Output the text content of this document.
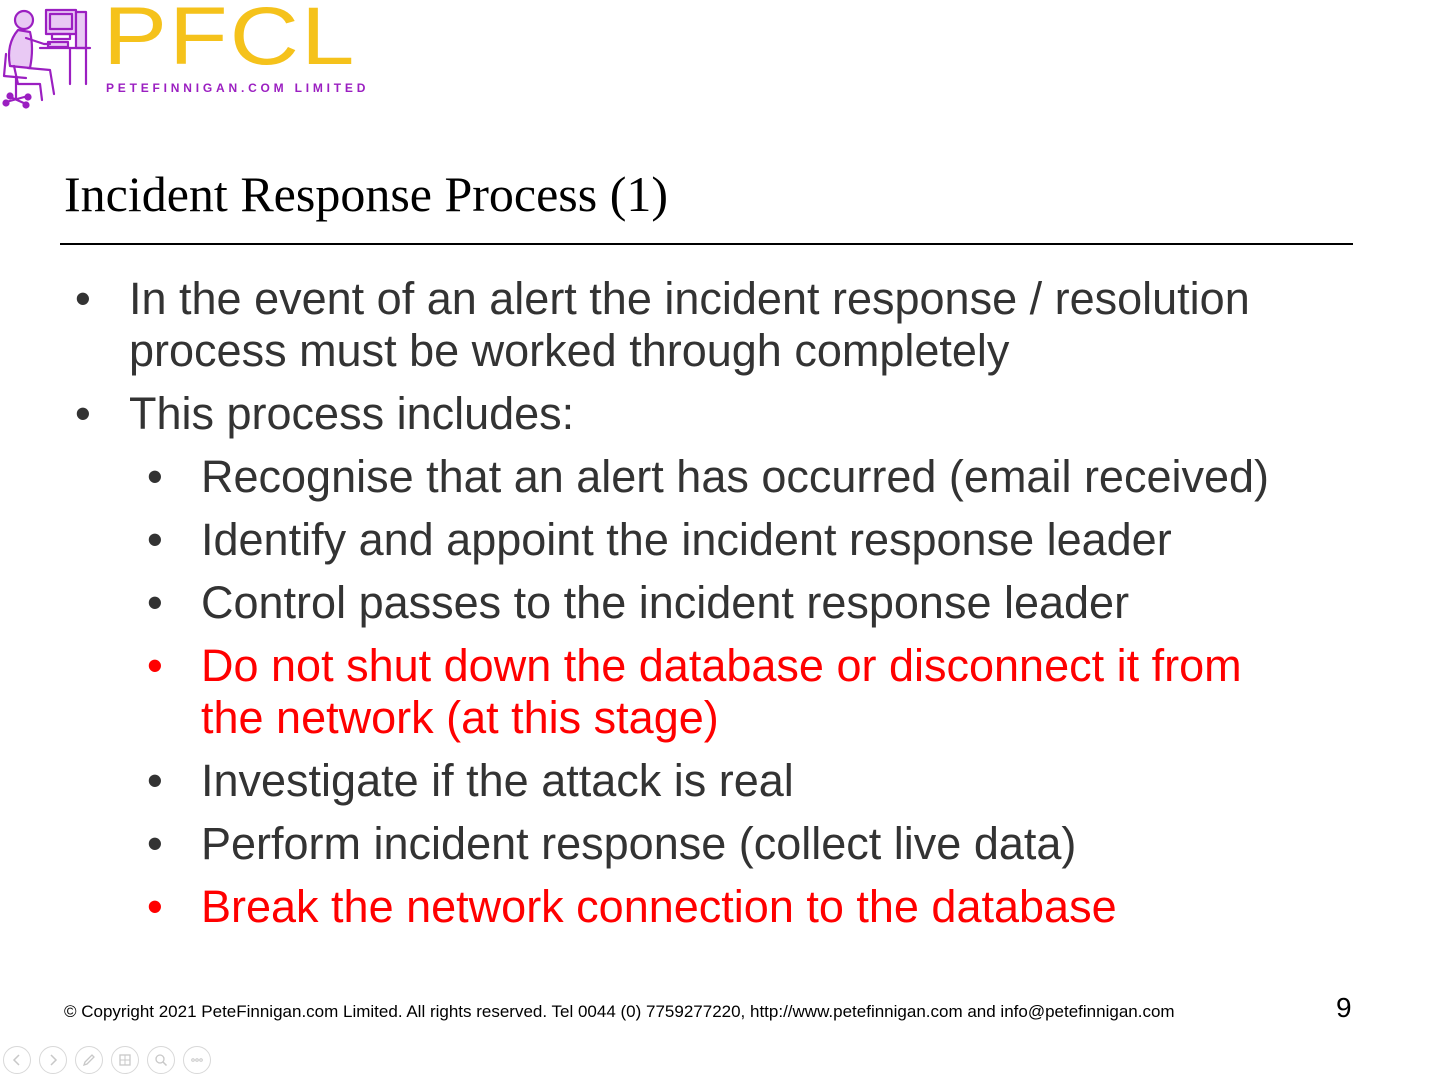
PFCL
PETEFINNIGAN.COM LIMITED
Incident Response Process (1)
• In the event of an alert the incident response / resolution
process must be worked through completely
• This process includes:
• Recognise that an alert has occurred (email received)
• Identify and appoint the incident response leader
• Control passes to the incident response leader
• Do not shut down the database or disconnect it from
the network (at this stage)
• Investigate if the attack is real
• Perform incident response (collect live data)
• Break the network connection to the database
© Copyright 2021 PeteFinnigan.com Limited. All rights reserved. Tel 0044 (0) 7759277220, http://www.petefinnigan.com and info@petefinnigan.com	9
